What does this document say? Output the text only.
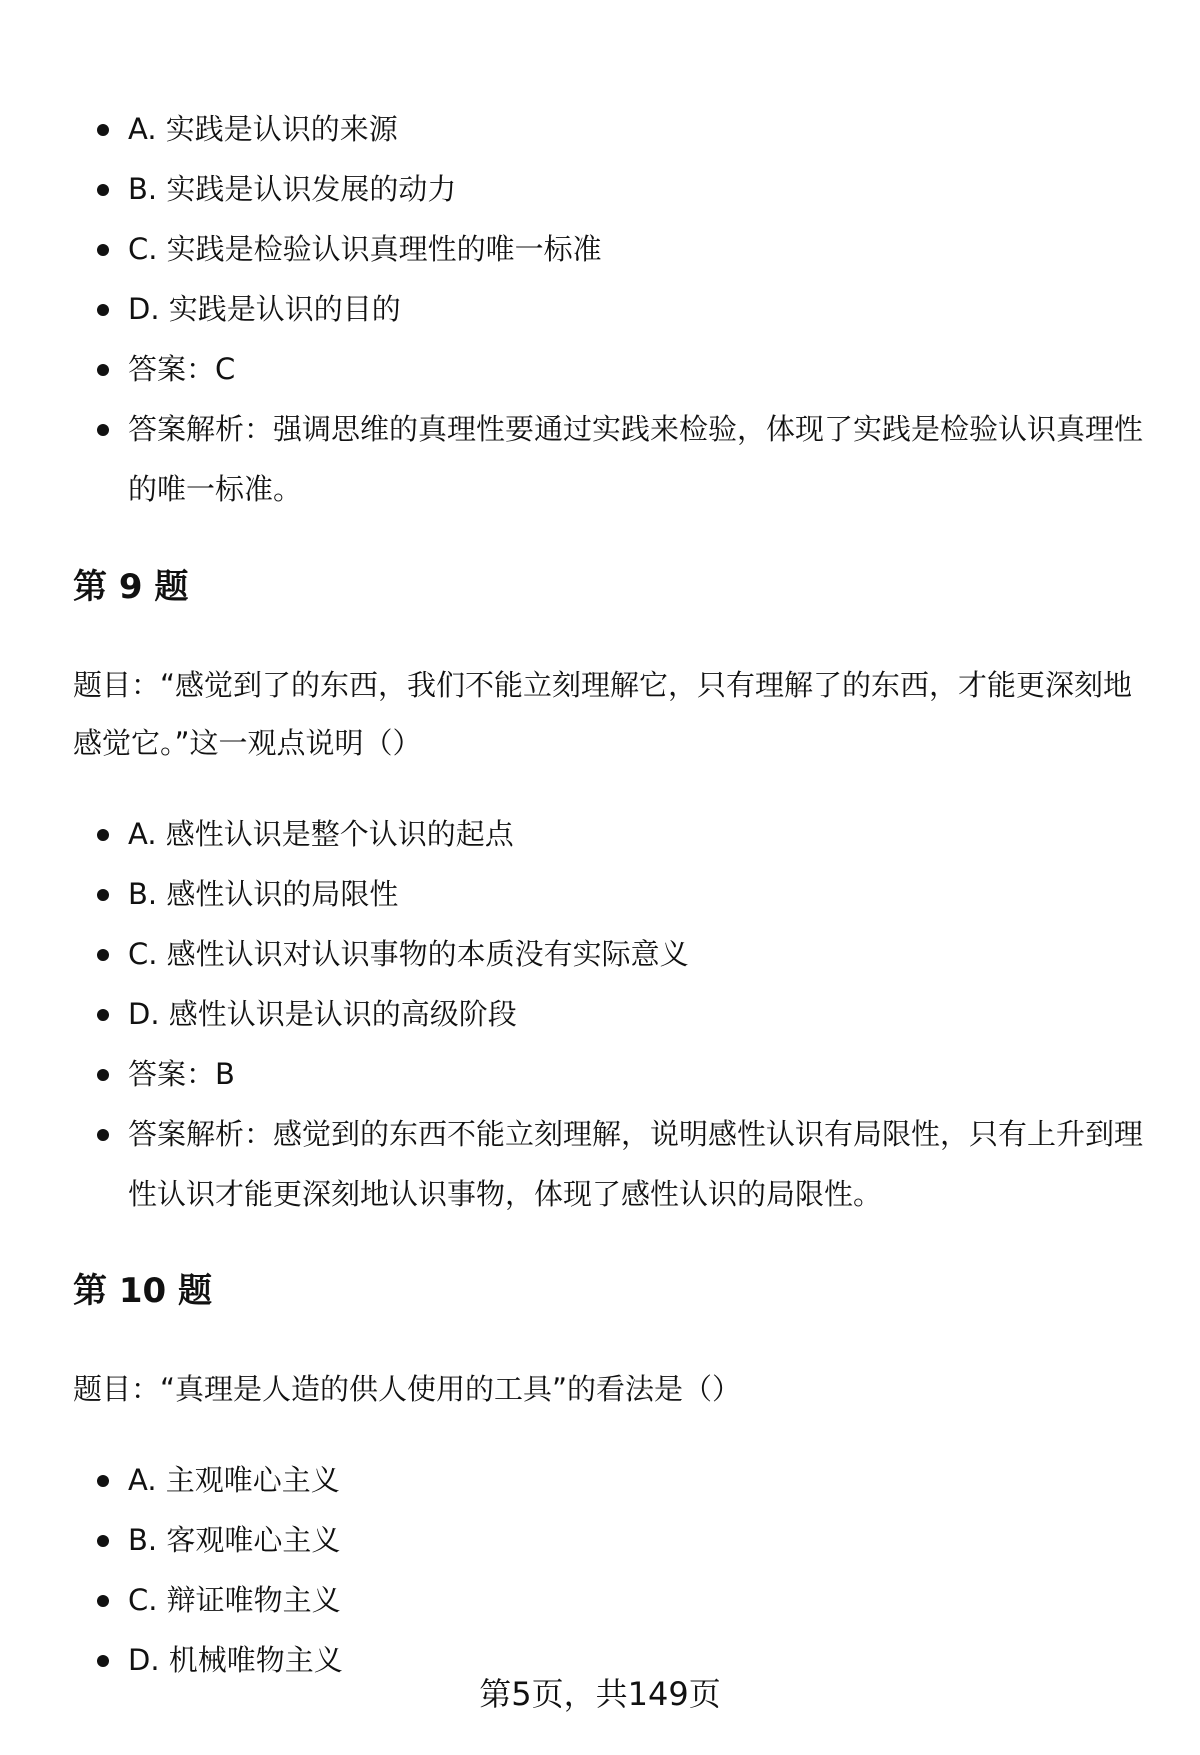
A. 实践是认识的来源
B. 实践是认识发展的动力
C. 实践是检验认识真理性的唯一标准
D. 实践是认识的目的
答案：C
答案解析：强调思维的真理性要通过实践来检验，体现了实践是检验认识真理性的唯一标准。
第 9 题
题目：“感觉到了的东西，我们不能立刻理解它，只有理解了的东西，才能更深刻地感觉它。”这一观点说明（）
A. 感性认识是整个认识的起点
B. 感性认识的局限性
C. 感性认识对认识事物的本质没有实际意义
D. 感性认识是认识的高级阶段
答案：B
答案解析：感觉到的东西不能立刻理解，说明感性认识有局限性，只有上升到理性认识才能更深刻地认识事物，体现了感性认识的局限性。
第 10 题
题目：“真理是人造的供人使用的工具”的看法是（）
A. 主观唯心主义
B. 客观唯心主义
C. 辩证唯物主义
D. 机械唯物主义
第5页，共149页
